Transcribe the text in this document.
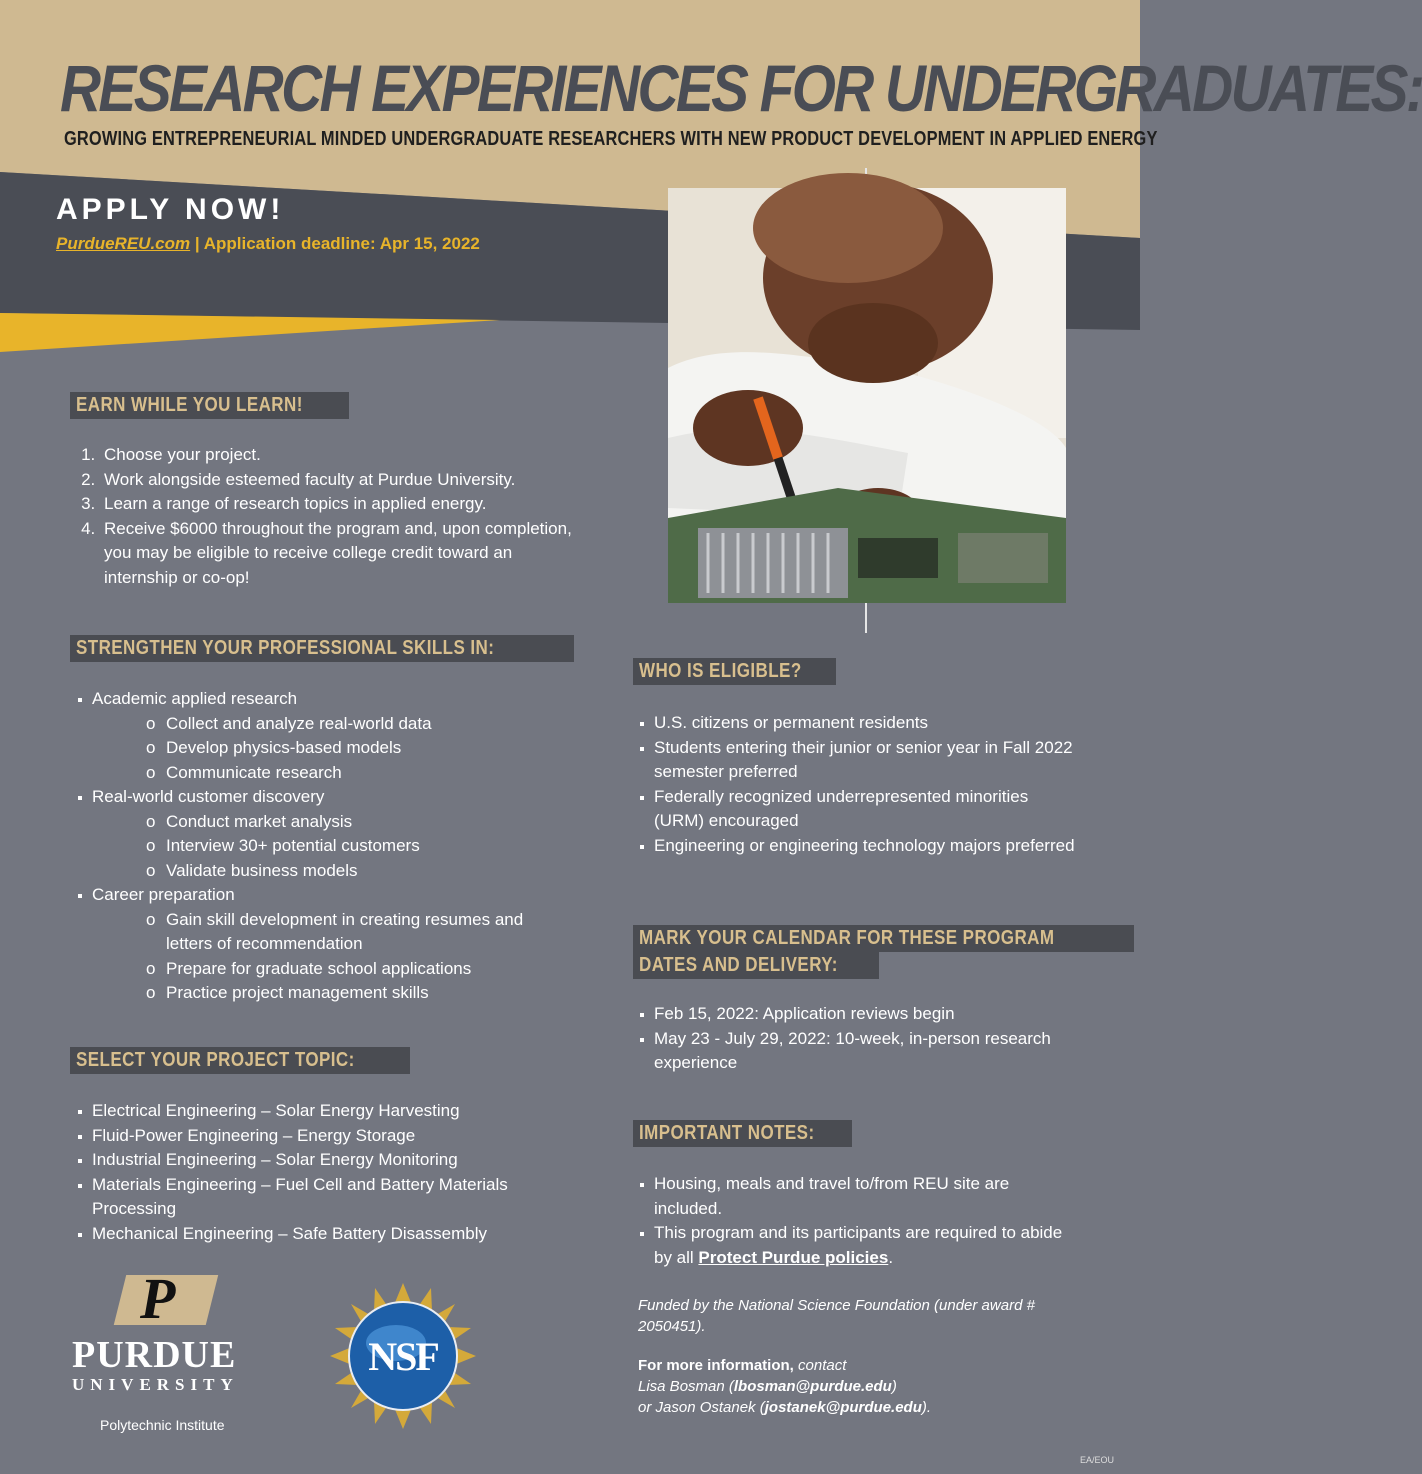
RESEARCH EXPERIENCES FOR UNDERGRADUATES:
GROWING ENTREPRENEURIAL MINDED UNDERGRADUATE RESEARCHERS WITH NEW PRODUCT DEVELOPMENT IN APPLIED ENERGY
APPLY NOW!
PurdueREU.com | Application deadline: Apr 15, 2022
EARN WHILE YOU LEARN!
1. Choose your project.
2. Work alongside esteemed faculty at Purdue University.
3. Learn a range of research topics in applied energy.
4. Receive $6000 throughout the program and, upon completion, you may be eligible to receive college credit toward an internship or co-op!
STRENGTHEN YOUR PROFESSIONAL SKILLS IN:
Academic applied research
o Collect and analyze real-world data
o Develop physics-based models
o Communicate research
Real-world customer discovery
o Conduct market analysis
o Interview 30+ potential customers
o Validate business models
Career preparation
o Gain skill development in creating resumes and letters of recommendation
o Prepare for graduate school applications
o Practice project management skills
SELECT YOUR PROJECT TOPIC:
Electrical Engineering – Solar Energy Harvesting
Fluid-Power Engineering – Energy Storage
Industrial Engineering – Solar Energy Monitoring
Materials Engineering – Fuel Cell and Battery Materials Processing
Mechanical Engineering – Safe Battery Disassembly
P
PURDUE
UNIVERSITY
Polytechnic Institute
NSF
WHO IS ELIGIBLE?
U.S. citizens or permanent residents
Students entering their junior or senior year in Fall 2022 semester preferred
Federally recognized underrepresented minorities (URM) encouraged
Engineering or engineering technology majors preferred
MARK YOUR CALENDAR FOR THESE PROGRAM
DATES AND DELIVERY:
Feb 15, 2022: Application reviews begin
May 23 - July 29, 2022: 10-week, in-person research experience
IMPORTANT NOTES:
Housing, meals and travel to/from REU site are included.
This program and its participants are required to abide by all Protect Purdue policies.
Funded by the National Science Foundation (under award #
2050451).
For more information, contact
Lisa Bosman (lbosman@purdue.edu)
or Jason Ostanek (jostanek@purdue.edu).
EA/EOU
